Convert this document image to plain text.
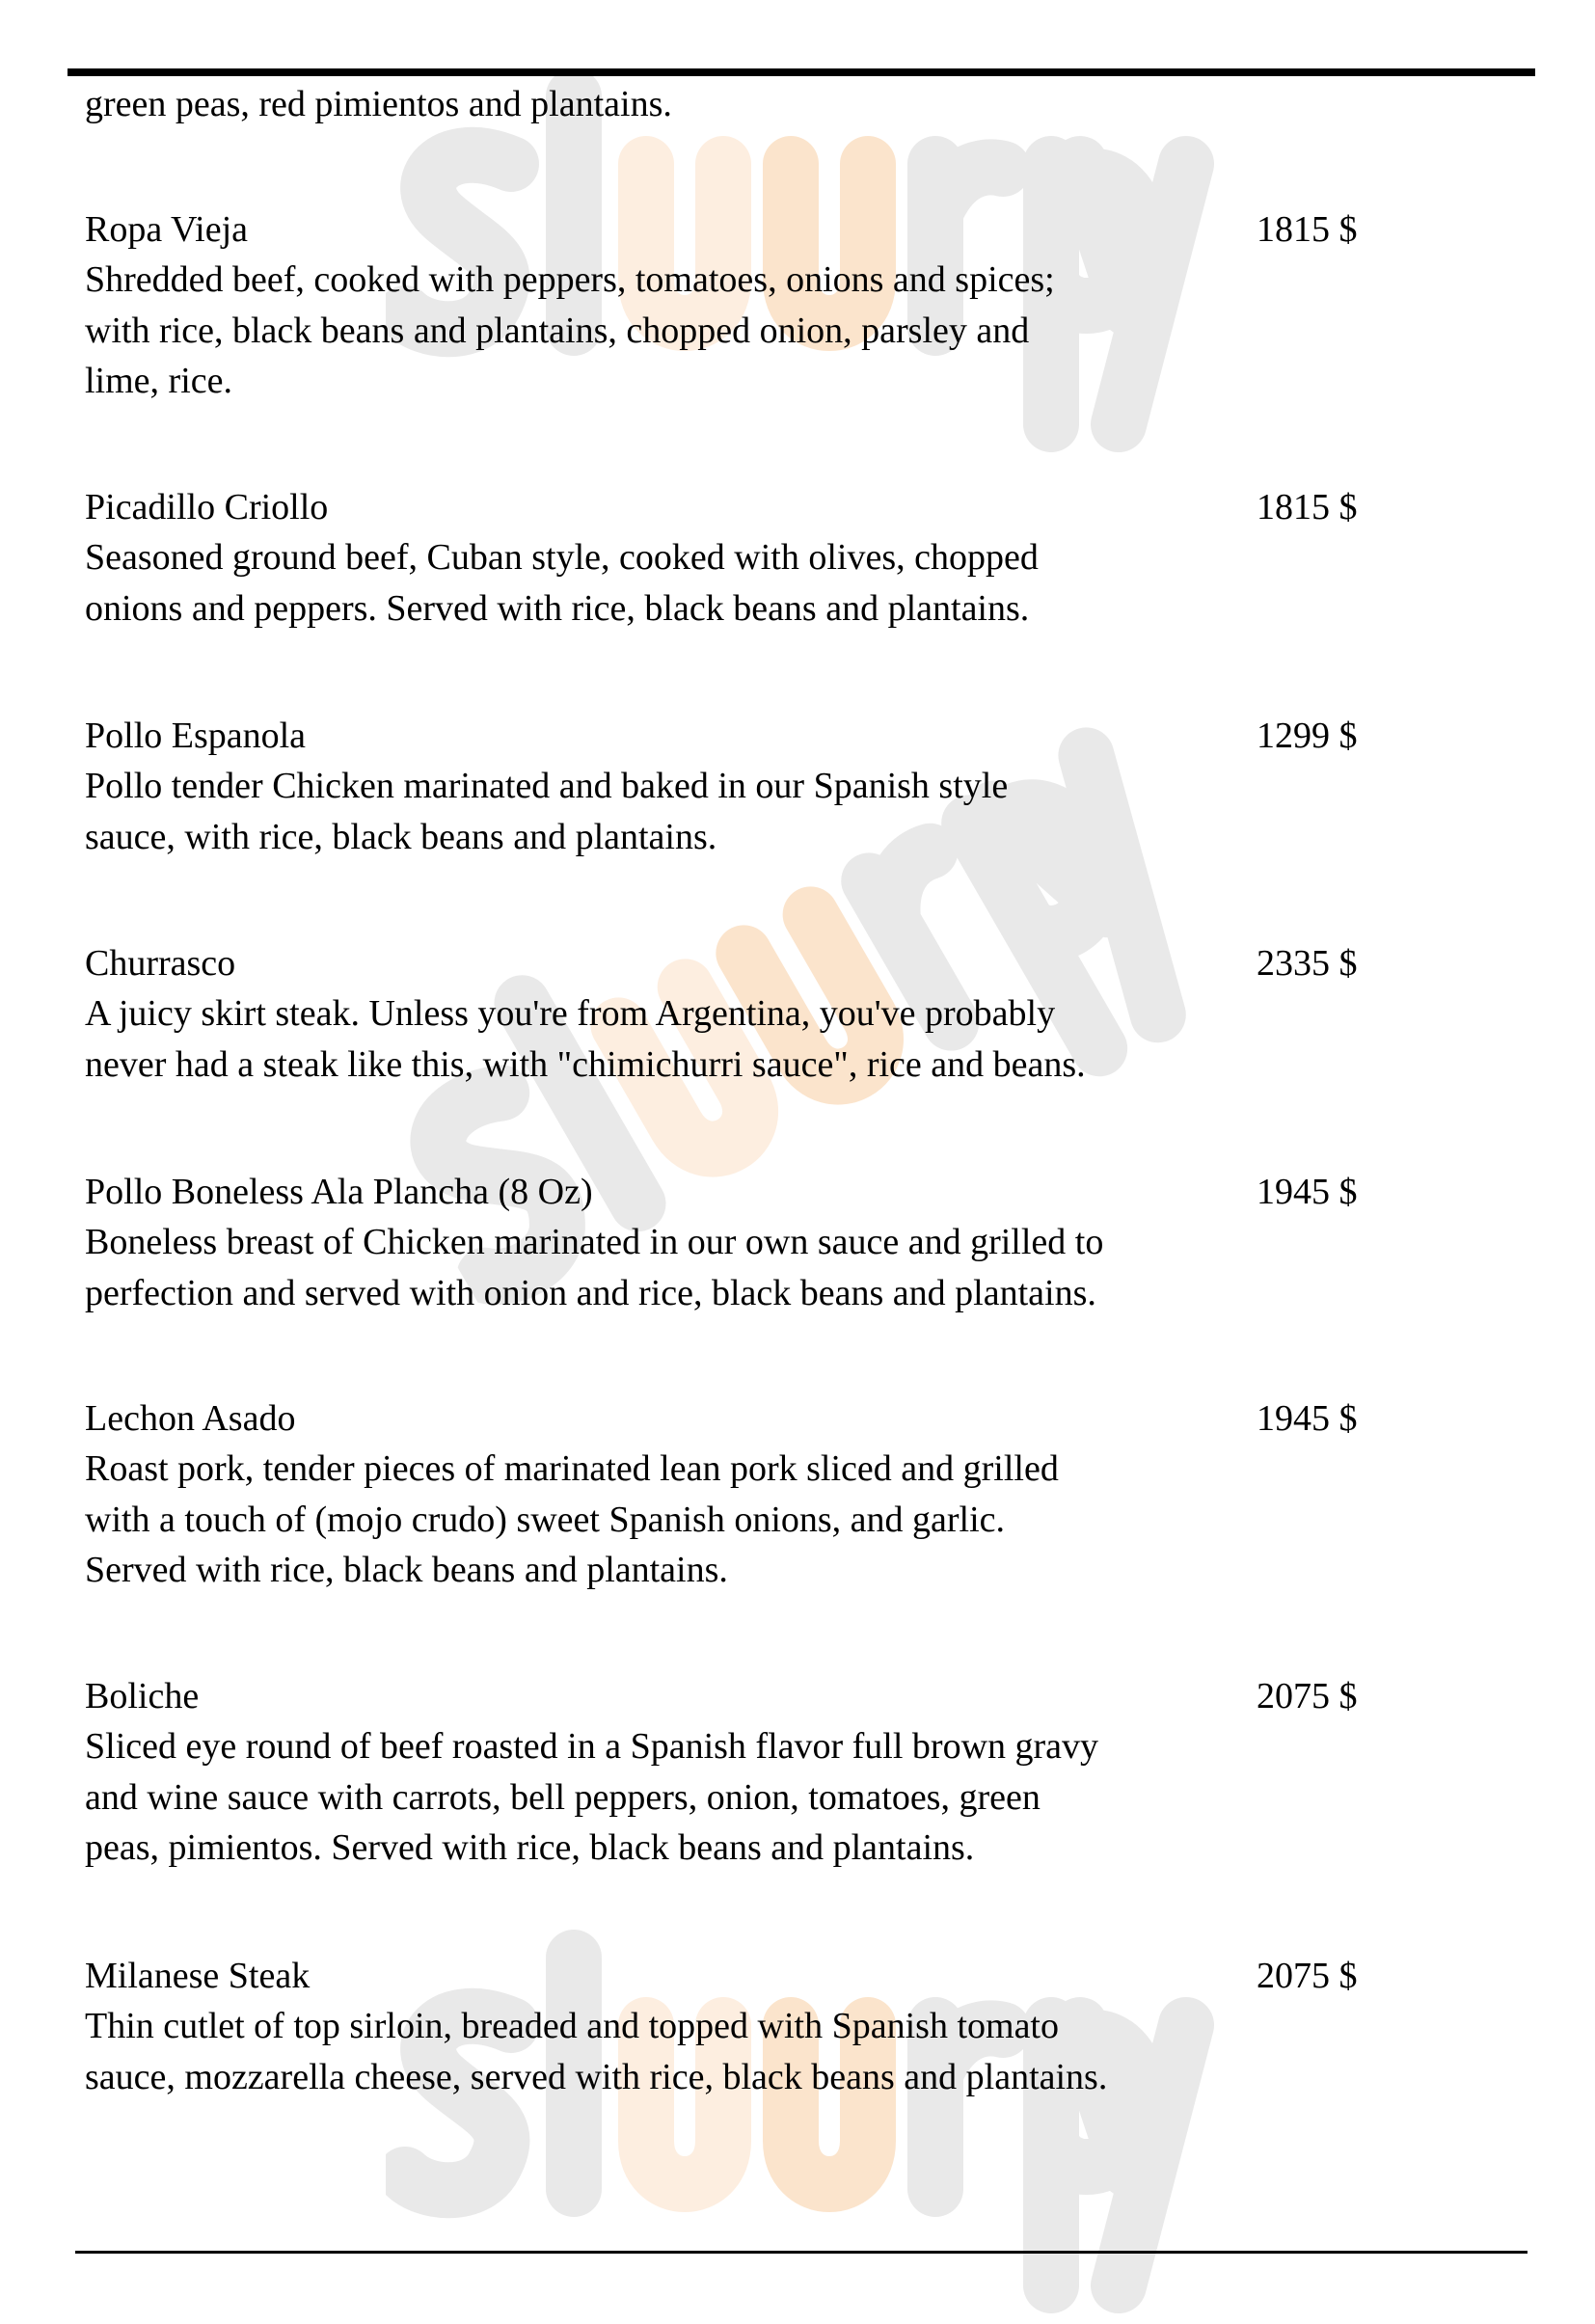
green peas, red pimientos and plantains.
Ropa Vieja	1815 $
Shredded beef, cooked with peppers, tomatoes, onions and spices;
with rice, black beans and plantains, chopped onion, parsley and
lime, rice.
Picadillo Criollo	1815 $
Seasoned ground beef, Cuban style, cooked with olives, chopped
onions and peppers. Served with rice, black beans and plantains.
Pollo Espanola	1299 $
Pollo tender Chicken marinated and baked in our Spanish style
sauce, with rice, black beans and plantains.
Churrasco	2335 $
A juicy skirt steak. Unless you're from Argentina, you've probably
never had a steak like this, with "chimichurri sauce", rice and beans.
Pollo Boneless Ala Plancha (8 Oz)	1945 $
Boneless breast of Chicken marinated in our own sauce and grilled to
perfection and served with onion and rice, black beans and plantains.
Lechon Asado	1945 $
Roast pork, tender pieces of marinated lean pork sliced and grilled
with a touch of (mojo crudo) sweet Spanish onions, and garlic.
Served with rice, black beans and plantains.
Boliche	2075 $
Sliced eye round of beef roasted in a Spanish flavor full brown gravy
and wine sauce with carrots, bell peppers, onion, tomatoes, green
peas, pimientos. Served with rice, black beans and plantains.
Milanese Steak	2075 $
Thin cutlet of top sirloin, breaded and topped with Spanish tomato
sauce, mozzarella cheese, served with rice, black beans and plantains.
